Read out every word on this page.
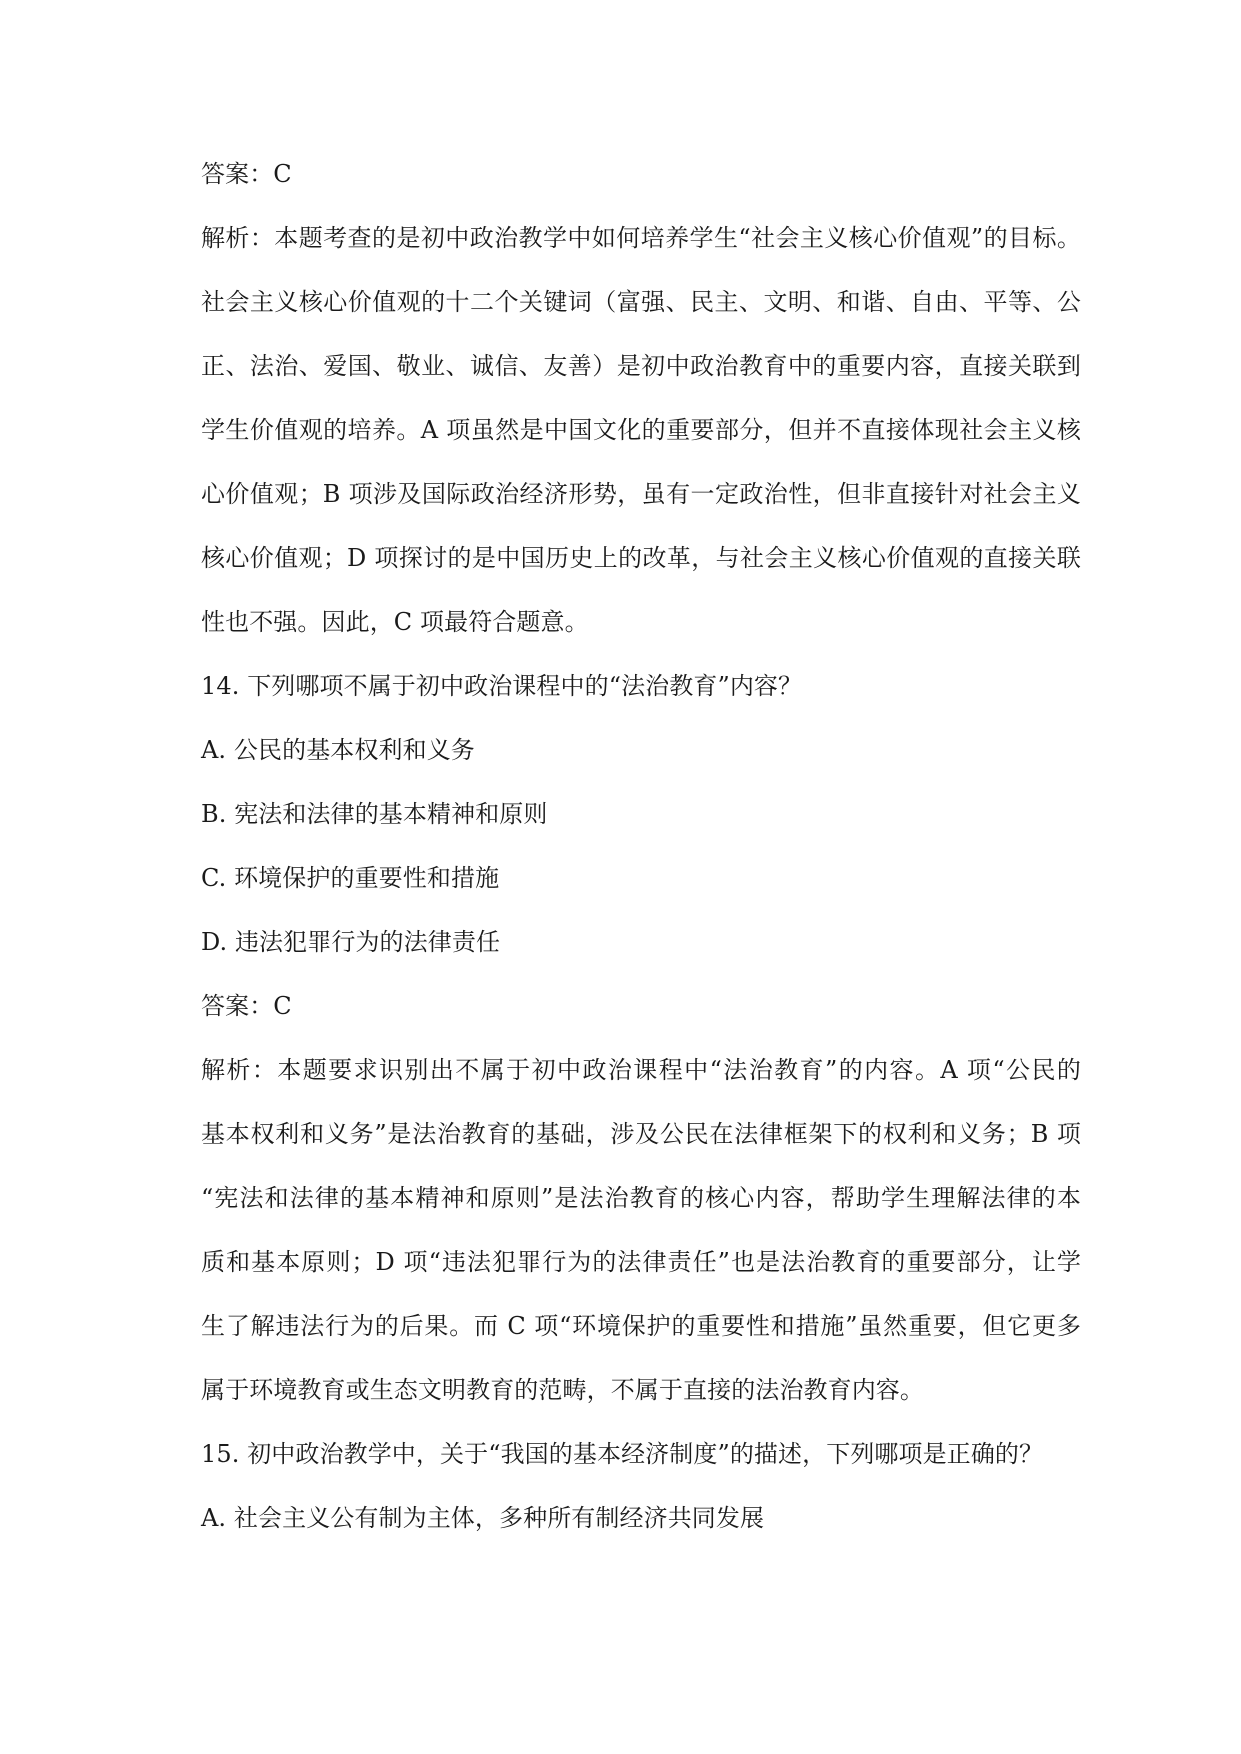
答案：C
解析：本题考查的是初中政治教学中如何培养学生“社会主义核心价值观”的目标。
社会主义核心价值观的十二个关键词（富强、民主、文明、和谐、自由、平等、公
正、法治、爱国、敬业、诚信、友善）是初中政治教育中的重要内容，直接关联到
学生价值观的培养。A 项虽然是中国文化的重要部分，但并不直接体现社会主义核
心价值观；B 项涉及国际政治经济形势，虽有一定政治性，但非直接针对社会主义
核心价值观；D 项探讨的是中国历史上的改革，与社会主义核心价值观的直接关联
性也不强。因此，C 项最符合题意。
14. 下列哪项不属于初中政治课程中的“法治教育”内容？
A. 公民的基本权利和义务
B. 宪法和法律的基本精神和原则
C. 环境保护的重要性和措施
D. 违法犯罪行为的法律责任
答案：C
解析：本题要求识别出不属于初中政治课程中“法治教育”的内容。A 项“公民的
基本权利和义务”是法治教育的基础，涉及公民在法律框架下的权利和义务；B 项
“宪法和法律的基本精神和原则”是法治教育的核心内容，帮助学生理解法律的本
质和基本原则；D 项“违法犯罪行为的法律责任”也是法治教育的重要部分，让学
生了解违法行为的后果。而 C 项“环境保护的重要性和措施”虽然重要，但它更多
属于环境教育或生态文明教育的范畴，不属于直接的法治教育内容。
15. 初中政治教学中，关于“我国的基本经济制度”的描述，下列哪项是正确的？
A. 社会主义公有制为主体，多种所有制经济共同发展
